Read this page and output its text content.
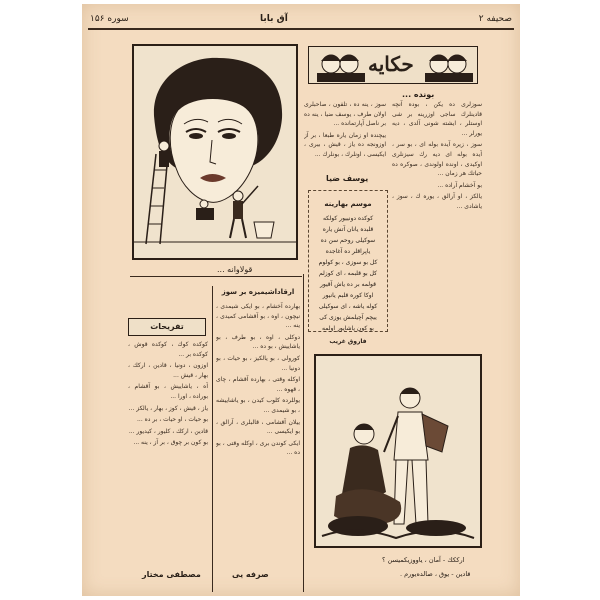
سوره ۱۵۶	آق بابا	صحیفه ۲
قولاوانه ...
حكايه
بونده ...

سوز ، ینه ده ، تلفون ، صاحبلری اولان طرف ، یوسف ضیا ، ینه ده بر ناصل آپارتمانده ...

ییچنده او زمان یاره طبعا ، بر آز اوزونجه ده یاز ، قیش ، بیری ، ایکیسی ، اونلرك ، بونلرك ...

یوسف ضیا

سوزلری ده یكن ، بوده آنچه قادینلرك ساجی اوزرینه بر شی اوستلر ، ایشته شونی آلدی ، دیه یورلر ...

سوز ، زیره آیده بوله ای ، بو سر ، آیده بوله ای دیه رك سیزنلری اوكیدی ، اونده اولوندی ، صوكره ده حیاتك هر زمان ...

بو آخشام آراده ...

یالکز ، او آرالق ، یوره ك ، سوز ، یاشادی ...

موسم بهارینه
كوكده دونییور كولكه
قلبده یانان آتش یاره
سوكیلی روحم سن ده
یاپراقلر ده آغاجده
كل بو سوزی ، بو كولوم
كل بو قلبمه ، ای كوزلم
قولمه بر ده یاش آقیور
اوكا كوره قلبم یانیور
كوله یاشه ، ای سوكیلی
ییچم آچیلمش یوزی كی
بو كون یاشایور اولمه
فاروق غریب
تفریحات

كوكده كوك ، كوكده قوش ، كوكده بر ...

اوزون ، دونیا ، قادین ، اركك ، بهار ، قیش ...

آه ، یاشاییش ، بو آقشام ، بوراده ، اورا ...

یاز ، قیش ، كوز ، بهار ، یالکز ...

بو حیات ، او حیات ، بر ده ...

قادین ، اركك ، كلیور ، كیدیور ...

بو كون بر چوق ، بر آز ، ینه ...

مصطفی مختار
ارقاداشیمیزه بر سوز

بهارده آخشام ، بو ایكی شیمدی ، نیچون ، اوه ، بو آقشامی كمیدی ، ینه ...

دوكلی ، اوه ، بو طرف ، بو یاشاییش ، بو ده ...

كورولی ، بو یالکیز ، بو حیات ، بو دونیا ...

اوكله وقتی ، بهارده آقشام ، چای ، قهوه ...

یوللرده كلوب كیدن ، بو یاشاییشه ، بو شیمدی ...

ییلان آقشامی ، قالبلری ، آرالق ، بو ایكیسی ...

ایكی كوندن بری ، اوكله وقتی ، بو ده ...

صرفه یی
ارككك - آمان ، یاووزیكمیسن ؟
قادین - یوق ، صالده‌یورم .
